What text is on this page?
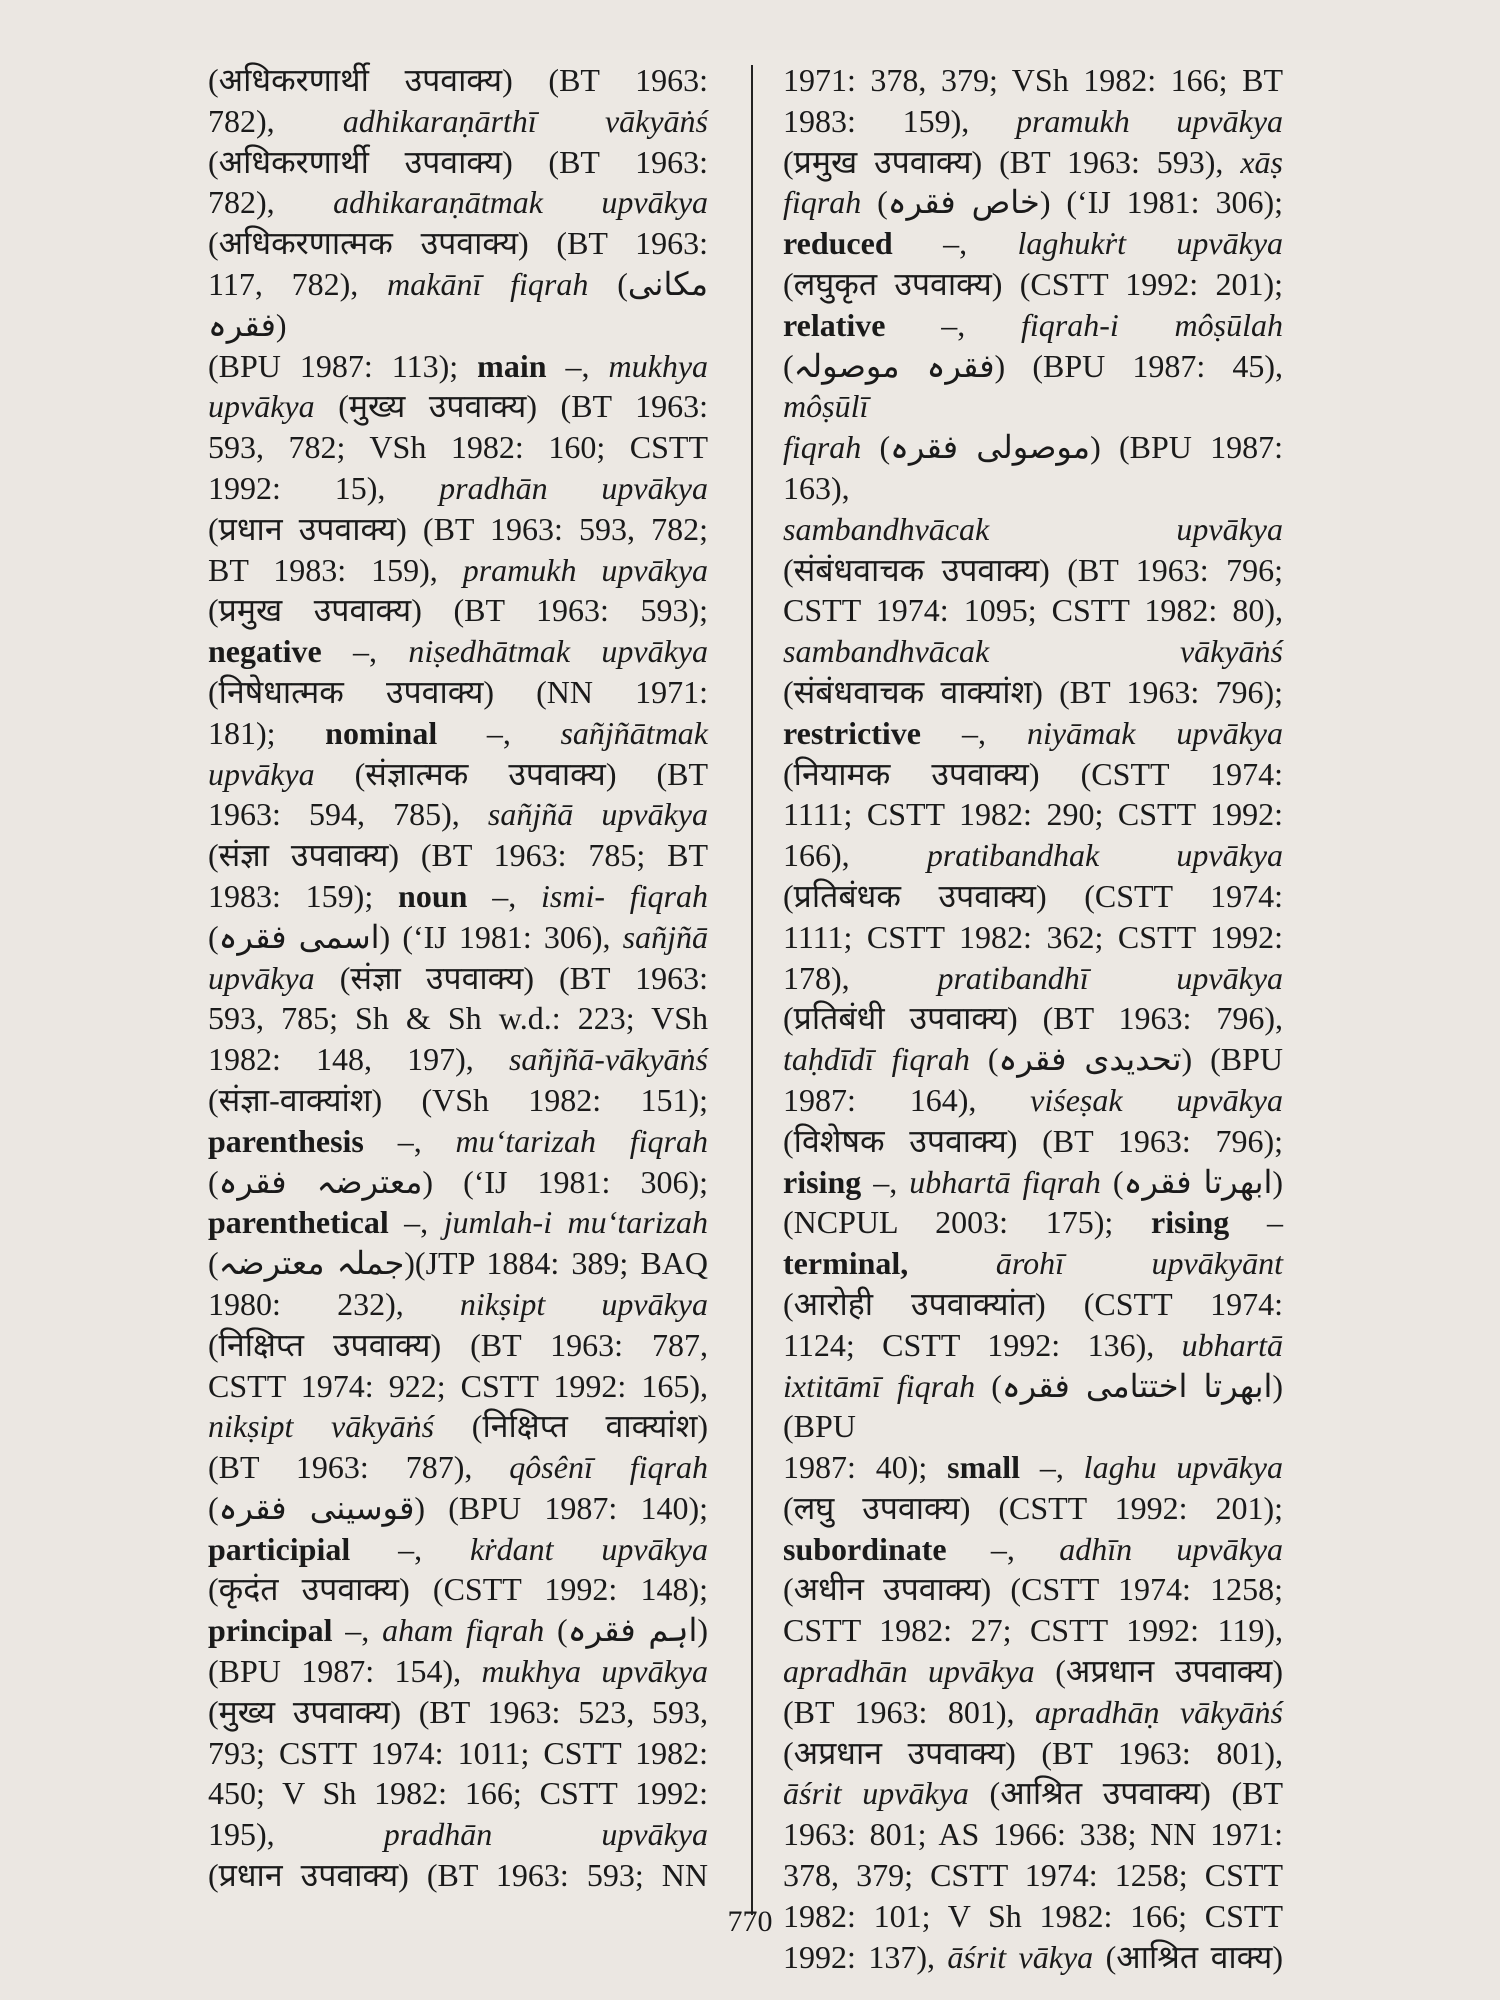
(अधिकरणार्थी उपवाक्य) (BT 1963:
782), adhikaraṇārthī vākyāṅś
(अधिकरणार्थी उपवाक्य) (BT 1963:
782), adhikaraṇātmak upvākya
(अधिकरणात्मक उपवाक्य) (BT 1963:
117, 782), makānī fiqrah (مکانی فقرہ)
(BPU 1987: 113); main –, mukhya
upvākya (मुख्य उपवाक्य) (BT 1963:
593, 782; VSh 1982: 160; CSTT
1992: 15), pradhān upvākya
(प्रधान उपवाक्य) (BT 1963: 593, 782;
BT 1983: 159), pramukh upvākya
(प्रमुख उपवाक्य) (BT 1963: 593);
negative –, niṣedhātmak upvākya
(निषेधात्मक उपवाक्य) (NN 1971:
181); nominal –, sañjñātmak
upvākya (संज्ञात्मक उपवाक्य) (BT
1963: 594, 785), sañjñā upvākya
(संज्ञा उपवाक्य) (BT 1963: 785; BT
1983: 159); noun –, ismi- fiqrah
(اسمی فقرہ) (‘IJ 1981: 306), sañjñā
upvākya (संज्ञा उपवाक्य) (BT 1963:
593, 785; Sh & Sh w.d.: 223; VSh
1982: 148, 197), sañjñā-vākyāṅś
(संज्ञा-वाक्यांश) (VSh 1982: 151);
parenthesis –, mu‘tarizah fiqrah
(معترضہ فقرہ) (‘IJ 1981: 306);
parenthetical –, jumlah-i mu‘tarizah
(جملہ معترضہ)(JTP 1884: 389; BAQ
1980: 232), nikṣipt upvākya
(निक्षिप्त उपवाक्य) (BT 1963: 787,
CSTT 1974: 922; CSTT 1992: 165),
nikṣipt vākyāṅś (निक्षिप्त वाक्यांश)
(BT 1963: 787), qôsênī fiqrah
(قوسینی فقرہ) (BPU 1987: 140);
participial –, kṙdant upvākya
(कृदंत उपवाक्य) (CSTT 1992: 148);
principal –, aham fiqrah (اہم فقرہ)
(BPU 1987: 154), mukhya upvākya
(मुख्य उपवाक्य) (BT 1963: 523, 593,
793; CSTT 1974: 1011; CSTT 1982:
450; V Sh 1982: 166; CSTT 1992:
195), pradhān	upvākya
(प्रधान उपवाक्य) (BT 1963: 593; NN
1971: 378, 379; VSh 1982: 166; BT
1983: 159), pramukh upvākya
(प्रमुख उपवाक्य) (BT 1963: 593), xāṣ
fiqrah (خاص فقرہ) (‘IJ 1981: 306);
reduced –, laghukṙt upvākya
(लघुकृत उपवाक्य) (CSTT 1992: 201);
relative –, fiqrah-i môṣūlah
(فقرہ موصولہ) (BPU 1987: 45), môṣūlī
fiqrah (موصولی فقرہ) (BPU 1987: 163),
sambandhvācak	upvākya
(संबंधवाचक उपवाक्य) (BT 1963: 796;
CSTT 1974: 1095; CSTT 1982: 80),
sambandhvācak	vākyāṅś
(संबंधवाचक वाक्यांश) (BT 1963: 796);
restrictive –, niyāmak upvākya
(नियामक उपवाक्य) (CSTT 1974:
1111; CSTT 1982: 290; CSTT 1992:
166), pratibandhak upvākya
(प्रतिबंधक उपवाक्य) (CSTT 1974:
1111; CSTT 1982: 362; CSTT 1992:
178), pratibandhī	upvākya
(प्रतिबंधी उपवाक्य) (BT 1963: 796),
taḥdīdī fiqrah (تحدیدی فقرہ) (BPU
1987: 164), viśeṣak upvākya
(विशेषक उपवाक्य) (BT 1963: 796);
rising –, ubhartā fiqrah (ابھرتا فقرہ)
(NCPUL 2003: 175); rising –
terminal,	ārohī	upvākyānt
(आरोही उपवाक्यांत) (CSTT 1974:
1124; CSTT 1992: 136), ubhartā
ixtitāmī fiqrah (ابھرتا اختتامی فقرہ) (BPU
1987: 40); small –, laghu upvākya
(लघु उपवाक्य) (CSTT 1992: 201);
subordinate –, adhīn upvākya
(अधीन उपवाक्य) (CSTT 1974: 1258;
CSTT 1982: 27; CSTT 1992: 119),
apradhān upvākya (अप्रधान उपवाक्य)
(BT 1963: 801), apradhāṇ vākyāṅś
(अप्रधान उपवाक्य) (BT 1963: 801),
āśrit upvākya (आश्रित उपवाक्य) (BT
1963: 801; AS 1966: 338; NN 1971:
378, 379; CSTT 1974: 1258; CSTT
1982: 101; V Sh 1982: 166; CSTT
1992: 137), āśrit vākya (आश्रित वाक्य)
770
